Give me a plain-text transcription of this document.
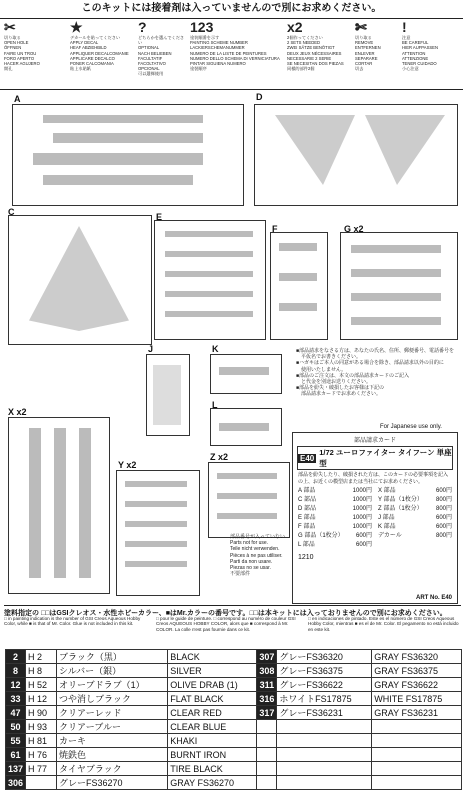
このキットには接着剤は入っていませんので別にお求めください。
✂
切り取る
OPEN HOLE
ÖFFNEN
FAIRE UN TROU
FORO APERTO
HACER AGUJERO
開孔
★
デカールを貼ってください
APPLY DECAL
HEAF ABZIEHBILD
APPLIQUER DECALCOMANIE
APPLICARE DECALCO
PONER CALCOMANIA
貼上水貼紙
?
どちらかを選んでください
OPTIONAL
NACH BELIEBEN
FACULTATIF
FACOLTATIVO
OPCIONAL
可以選擇使用
123
塗装順番を示す
PAINTING SCHEME NUMBER
LACKIERSCHEMANUMMER
NUMERO DE LA LISTE DE PEINTURES
NUMERO DELLO SCHEMA DI VERNICIATURA
PINTAR SIGUIENA NUMERO
塗裝順序
x2
2個作ってください
2 SETS NEEDED
ZWEI SÄTZE BENÖTIGT
DEUX JEUX NÉCESSAIRES
NECESSARIE 2 SERIE
SE NECESITAN DOS PIEZAS
同樣的部件2個
✄
切り取る
REMOVE
ENTFERNEN
ENLEVER
SEPARARE
CORTAR
切去
!
注意
BE CAREFUL
HIER AUFPASSEN
ATTENTION
ATTENZIONE
TENER CUIDADO
小心注意
A	D
C	E
F	G x2
J	K
L
X x2
Y x2
Z x2
部品番号が入っていない
Parts not for use.
Teile nicht verwenden.
Pièces à ne pas utiliser.
Parti da non usare.
Piezas no se usar.
不要部件
■部品請求をなさる方は、あなたの氏名、住所、郵便番号、電話番号を
　平仮名でお書きください。
■ハガキはご本人の同意がある場合を除き、部品請求以外の目的に
　使用いたしません。
■部品のご注文は、本文の部品請求カードのご記入
　と代金を別途お送りください。
■部品を紛失・破損したお客様は下記の
　部品請求カードでお求めください。
For Japanese use only.
部品請求カード
E40
1/72 ユーロファイター タイフーン 単座型
部品を紛失したり、破損された方は、このカードの必要事項を記入の上、お近くの模型店または当社にてお求めください。
A 部品	1000円 X 部品	600円
C 部品	1000円 Y 部品（1枚分）	800円
D 部品	1000円 Z 部品（1枚分）	800円
E 部品	1000円 J 部品	600円
F 部品	1000円 K 部品	600円
G 部品（1枚分）	600円 デカール	800円
L 部品	600円
1210
ART No. E40
塗料指定の □□はGSIクレオス・水性ホビーカラー、■はMr.カラーの番号です。□□は本キットには入っておりませんので別にお求めください。
□ in painting indication is the number of GSI Creos Aqueous Hobby Color, while ■ is that of Mr. Color. Glue is not included in this kit.
□ pour le guide de peinture. □ correspond au numéro de couleur GSI Creos AQUEOUS HOBBY COLOR, alors que ■ correspond à Mr. COLOR. La colle n'est pas fournie dans ce kit.
□ en indicaciones de pintado. Este es el número de GSI Creos Aqueous Hobby Color, mientras ■ es el de Mr. Color. El pegamento no está incluido en este kit.
2	H 2	ブラック（黒）	BLACK	307	グレーFS36320	GRAY FS36320
8	H 8	シルバー（銀）	SILVER	308	グレーFS36375	GRAY FS36375
12	H 52	オリーブドラブ（1）	OLIVE DRAB (1)	311	グレーFS36622	GRAY FS36622
33	H 12	つや消しブラック	FLAT BLACK	316	ホワイトFS17875	WHITE FS17875
47	H 90	クリアーレッド	CLEAR RED	317	グレーFS36231	GRAY FS36231
50	H 93	クリアーブルー	CLEAR BLUE			
55	H 81	カーキ	KHAKI			
61	H 76	焼鉄色	BURNT IRON			
137	H 77	タイヤブラック	TIRE BLACK			
306		グレーFS36270	GRAY FS36270			
